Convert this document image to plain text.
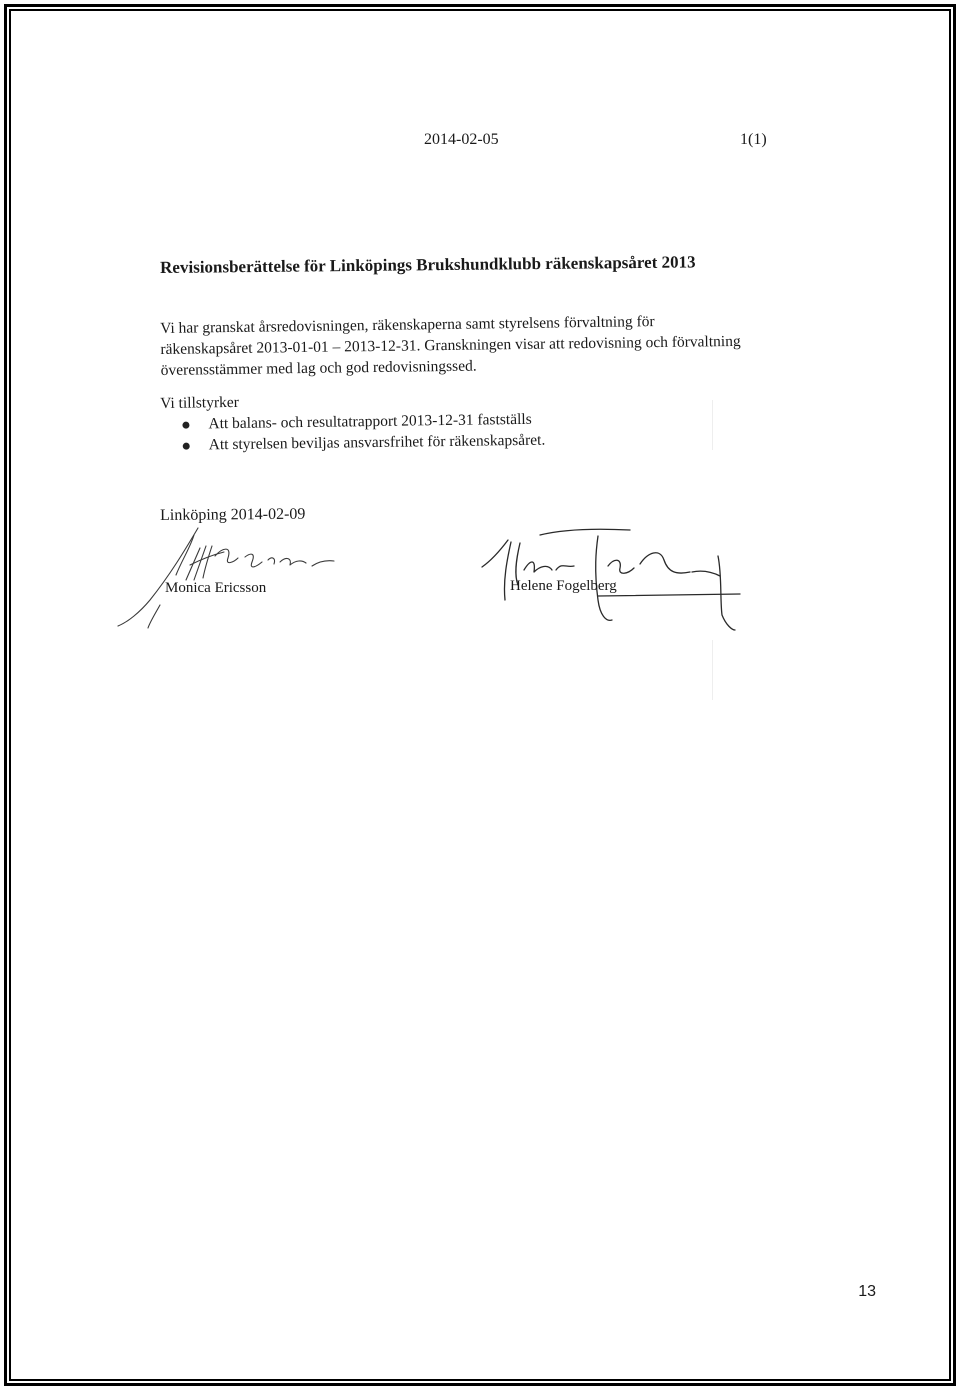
2014-02-05	1(1)
Revisionsberättelse för Linköpings Brukshundklubb räkenskapsåret 2013
Vi har granskat årsredovisningen, räkenskaperna samt styrelsens förvaltning för
räkenskapsåret 2013-01-01 – 2013-12-31. Granskningen visar att redovisning och förvaltning
överensstämmer med lag och god redovisningssed.
Vi tillstyrker
Att balans- och resultatrapport 2013-12-31 fastställs
Att styrelsen beviljas ansvarsfrihet för räkenskapsåret.
Linköping 2014-02-09
Monica Ericsson	Helene Fogelberg
13
